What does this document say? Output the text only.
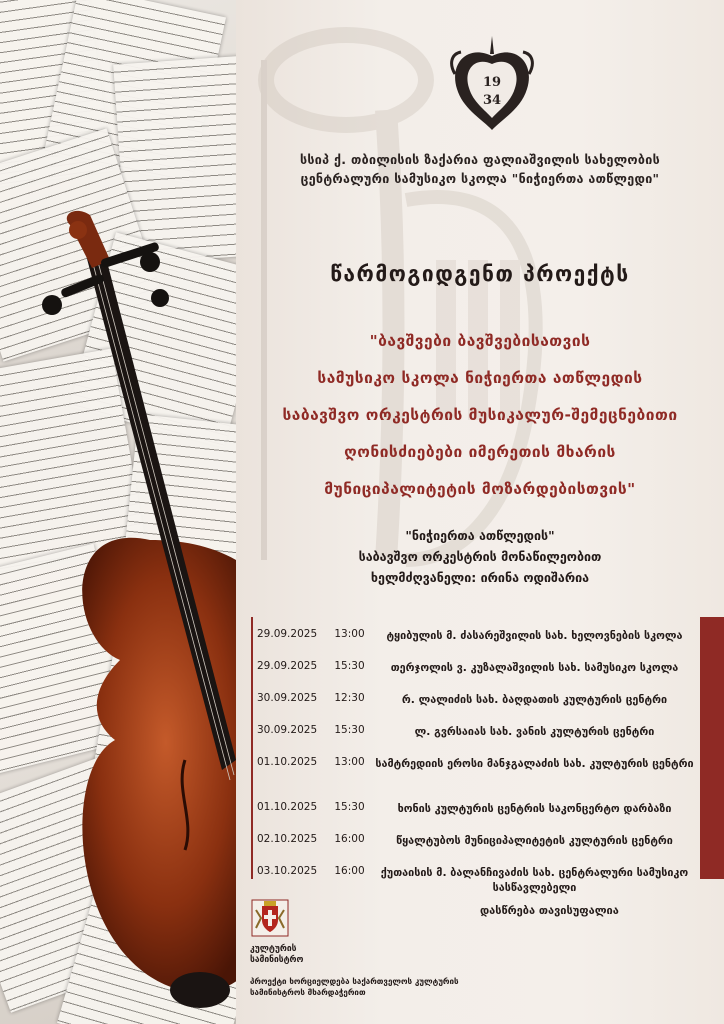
19
34
სსიპ ქ. თბილისის ზაქარია ფალიაშვილის სახელობის
ცენტრალური სამუსიკო სკოლა "ნიჭიერთა ათწლედი"
წარმოგიდგენთ პროექტს
"ბავშვები ბავშვებისათვის
სამუსიკო სკოლა ნიჭიერთა ათწლედის
საბავშვო ორკესტრის მუსიკალურ-შემეცნებითი
ღონისძიებები იმერეთის მხარის
მუნიციპალიტეტის მოზარდებისთვის"
"ნიჭიერთა ათწლედის"
საბავშვო ორკესტრის მონაწილეობით
ხელმძღვანელი: ირინა ოდიშარია
29.09.2025	13:00	ტყიბულის მ. ძასარეშვილის სახ. ხელოვნების სკოლა
29.09.2025	15:30	თერჯოლის ვ. კუზალაშვილის სახ. სამუსიკო სკოლა
30.09.2025	12:30	რ. ლალიძის სახ. ბაღდათის კულტურის ცენტრი
30.09.2025	15:30	ლ. გვრსაიას სახ. ვანის კულტურის ცენტრი
01.10.2025	13:00 სამტრედიის ეროსი მანჯგალაძის სახ. კულტურის ცენტრი
01.10.2025	15:30	ხონის კულტურის ცენტრის საკონცერტო დარბაზი
02.10.2025	16:00	წყალტუბოს მუნიციპალიტეტის კულტურის ცენტრი
03.10.2025	16:00	ქუთაისის მ. ბალანჩივაძის სახ. ცენტრალური სამუსიკო სასწავლებელი
დასწრება თავისუფალია
კულტურის სამინისტრო
პროექტი ხორციელდება საქართველოს კულტურის სამინისტროს მხარდაჭერით
